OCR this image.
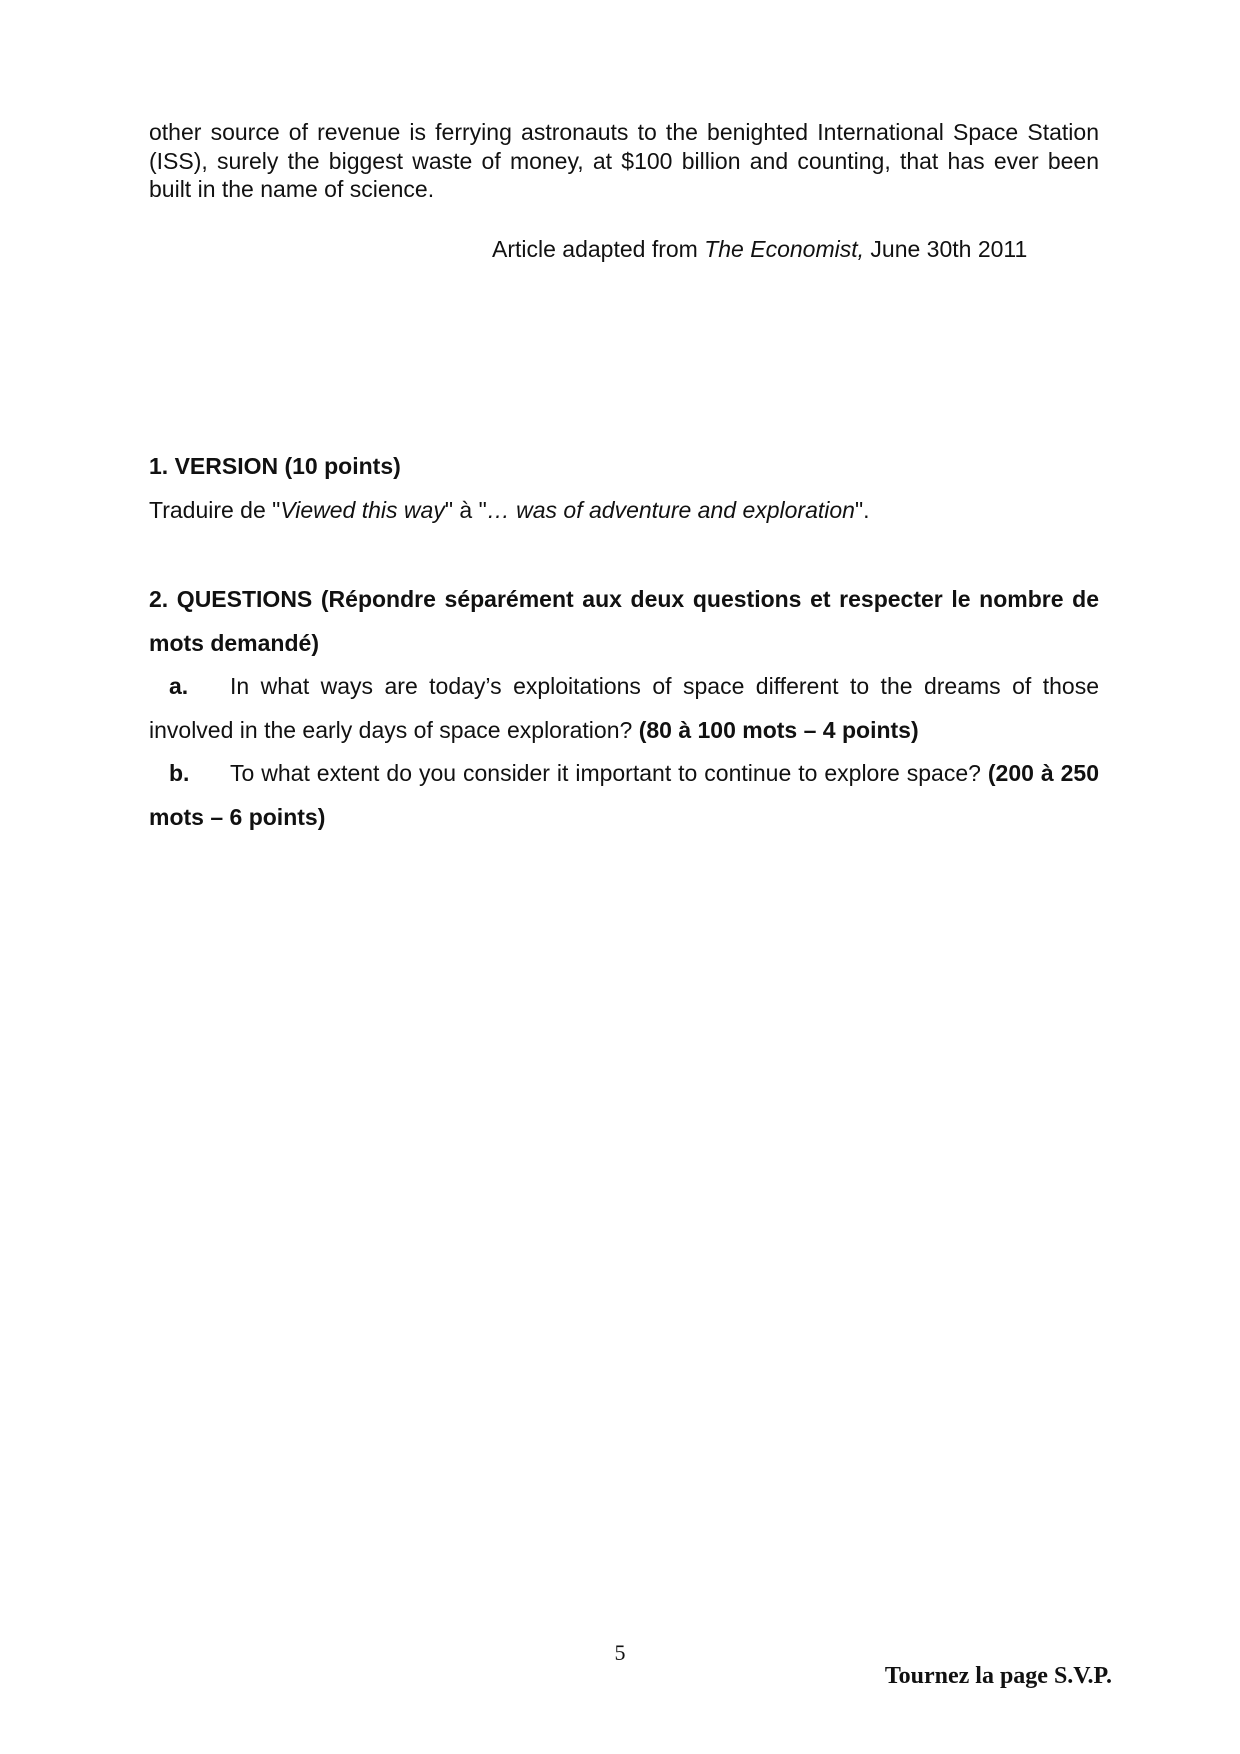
other source of revenue is ferrying astronauts to the benighted International Space Station (ISS), surely the biggest waste of money, at $100 billion and counting, that has ever been built in the name of science.

Article adapted from The Economist, June 30th 2011
1. VERSION (10 points)
Traduire de "Viewed this way" à "… was of adventure and exploration".
2. QUESTIONS (Répondre séparément aux deux questions et respecter le nombre de mots demandé)
a. In what ways are today’s exploitations of space different to the dreams of those involved in the early days of space exploration? (80 à 100 mots – 4 points)
b. To what extent do you consider it important to continue to explore space? (200 à 250 mots – 6 points)
5
Tournez la page S.V.P.
